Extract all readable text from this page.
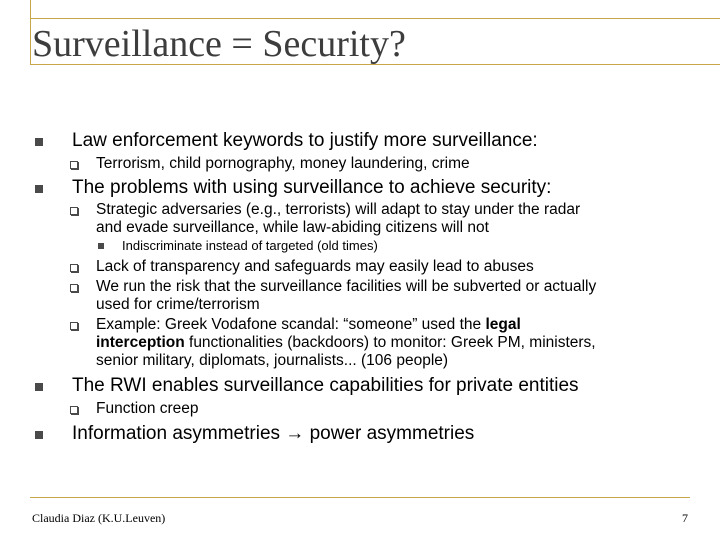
Surveillance = Security?
Law enforcement keywords to justify more surveillance:
Terrorism, child pornography, money laundering, crime
The problems with using surveillance to achieve security:
Strategic adversaries (e.g., terrorists) will adapt to stay under the radar
and evade surveillance, while law-abiding citizens will not
Indiscriminate instead of targeted (old times)
Lack of transparency and safeguards may easily lead to abuses
We run the risk that the surveillance facilities will be subverted or actually
used for crime/terrorism
Example: Greek Vodafone scandal: “someone” used the legal
interception functionalities (backdoors) to monitor: Greek PM, ministers,
senior military, diplomats, journalists... (106 people)
The RWI enables surveillance capabilities for private entities
Function creep
Information asymmetries → power asymmetries
Claudia Diaz (K.U.Leuven)	7
